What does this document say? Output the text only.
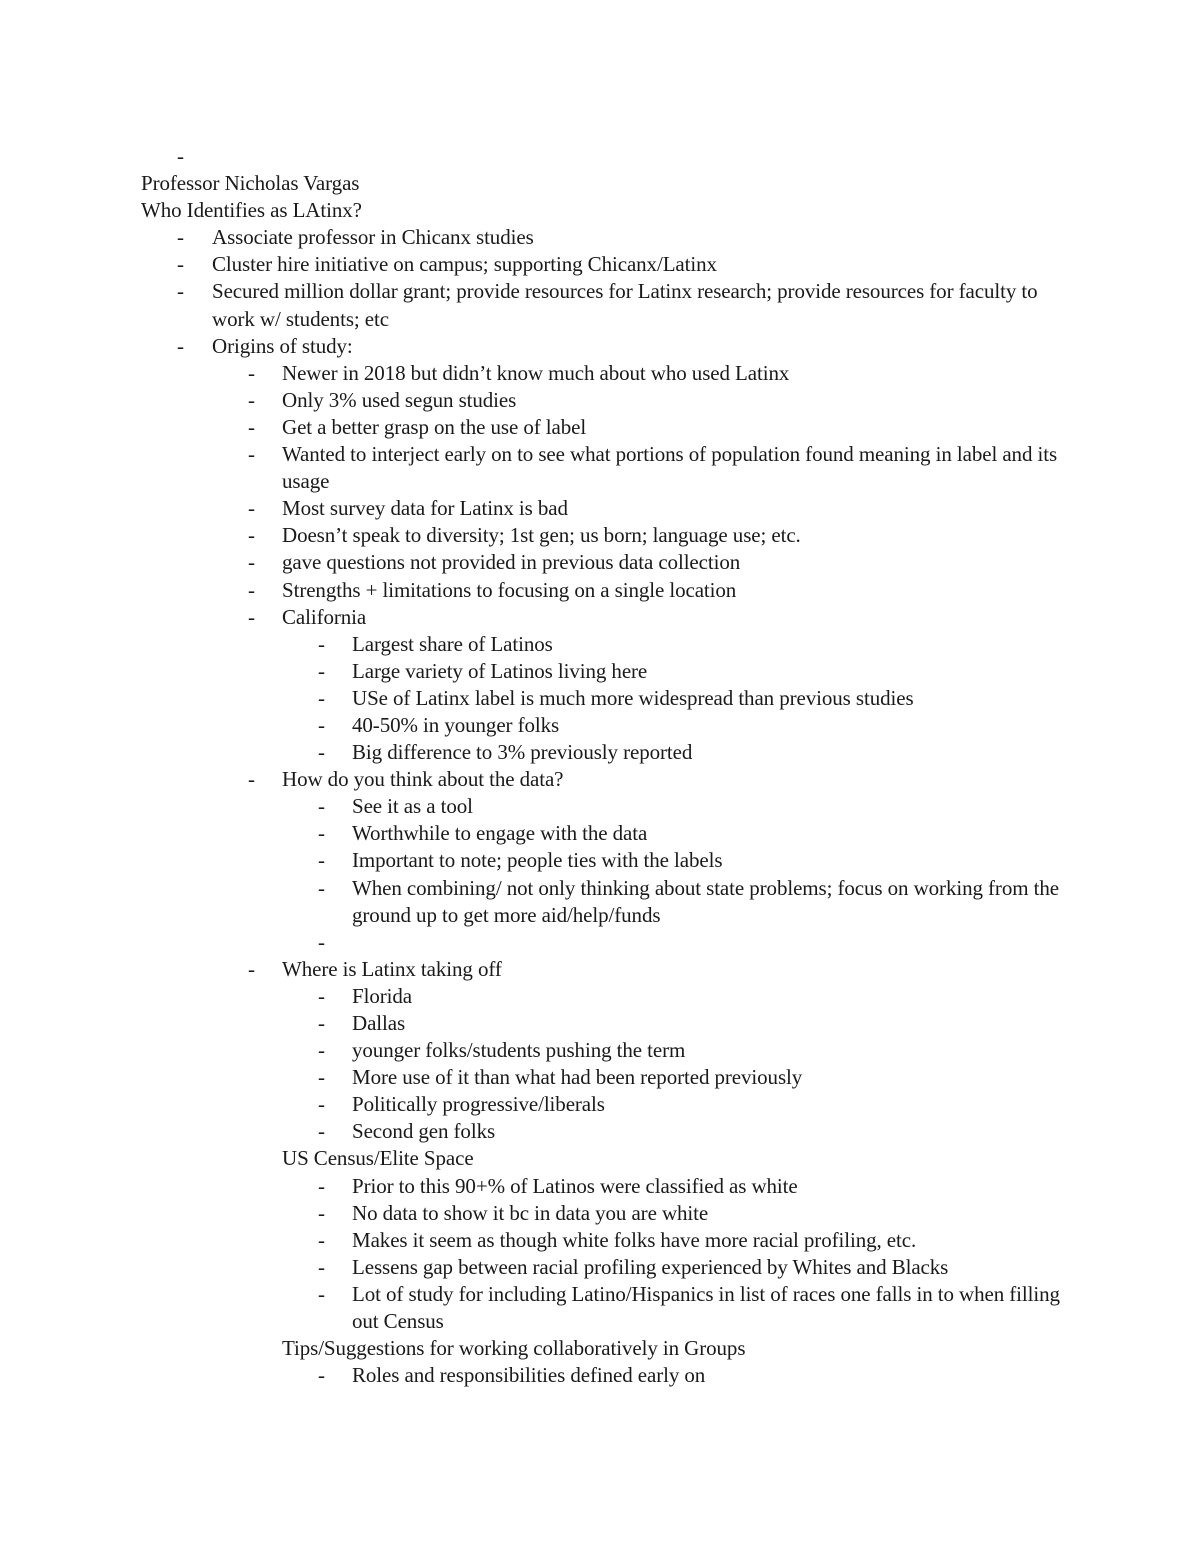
-

Professor Nicholas Vargas
Who Identifies as LAtinx?
- Associate professor in Chicanx studies
- Cluster hire initiative on campus; supporting Chicanx/Latinx
- Secured million dollar grant; provide resources for Latinx research; provide resources for faculty to work w/ students; etc
- Origins of study:
- Newer in 2018 but didn’t know much about who used Latinx
- Only 3% used segun studies
- Get a better grasp on the use of label
- Wanted to interject early on to see what portions of population found meaning in label and its usage
- Most survey data for Latinx is bad
- Doesn’t speak to diversity; 1st gen; us born; language use; etc.
- gave questions not provided in previous data collection
- Strengths + limitations to focusing on a single location
- California
- Largest share of Latinos
- Large variety of Latinos living here
- USe of Latinx label is much more widespread than previous studies
- 40-50% in younger folks
- Big difference to 3% previously reported
- How do you think about the data?
- See it as a tool
- Worthwhile to engage with the data
- Important to note; people ties with the labels
- When combining/ not only thinking about state problems; focus on working from the ground up to get more aid/help/funds
-

- Where is Latinx taking off
- Florida
- Dallas
- younger folks/students pushing the term
- More use of it than what had been reported previously
- Politically progressive/liberals
- Second gen folks
US Census/Elite Space
- Prior to this 90+% of Latinos were classified as white
- No data to show it bc in data you are white
- Makes it seem as though white folks have more racial profiling, etc.
- Lessens gap between racial profiling experienced by Whites and Blacks
- Lot of study for including Latino/Hispanics in list of races one falls in to when filling out Census
Tips/Suggestions for working collaboratively in Groups
- Roles and responsibilities defined early on
